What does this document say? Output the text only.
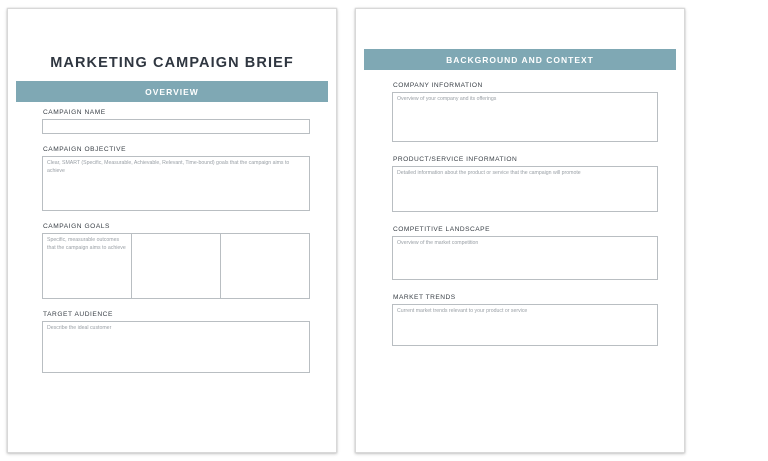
MARKETING CAMPAIGN BRIEF
OVERVIEW
CAMPAIGN NAME
CAMPAIGN OBJECTIVE
Clear, SMART (Specific, Measurable, Achievable, Relevant, Time-bound) goals that the campaign aims to achieve
CAMPAIGN GOALS
Specific, measurable outcomes that the campaign aims to achieve
TARGET AUDIENCE
Describe the ideal customer
BACKGROUND AND CONTEXT
COMPANY INFORMATION
Overview of your company and its offerings
PRODUCT/SERVICE INFORMATION
Detailed information about the product or service that the campaign will promote
COMPETITIVE LANDSCAPE
Overview of the market competition
MARKET TRENDS
Current market trends relevant to your product or service
